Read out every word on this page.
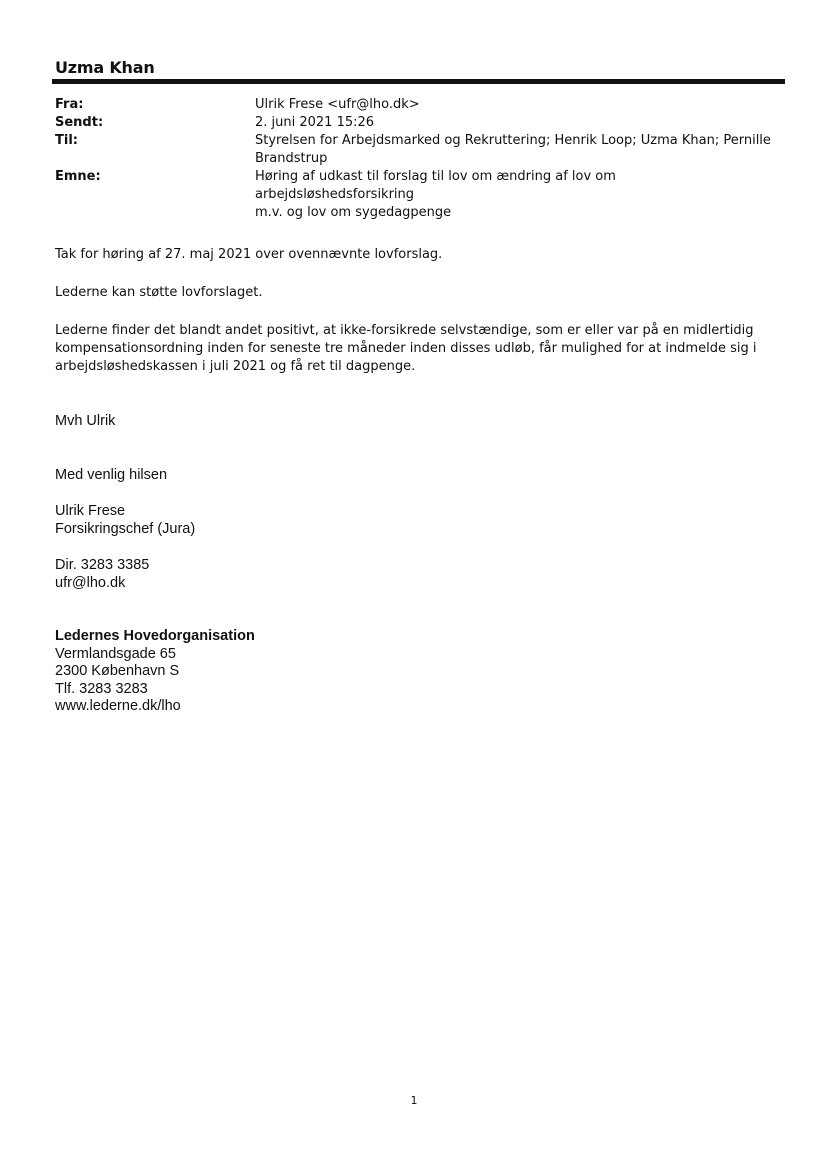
Uzma Khan
Fra:	Ulrik Frese <ufr@lho.dk>
Sendt:	2. juni 2021 15:26
Til:	Styrelsen for Arbejdsmarked og Rekruttering; Henrik Loop; Uzma Khan; Pernille
Brandstrup
Emne:	Høring af udkast til forslag til lov om ændring af lov om arbejdsløshedsforsikring
m.v. og lov om sygedagpenge

Tak for høring af 27. maj 2021 over ovennævnte lovforslag.

Lederne kan støtte lovforslaget.

Lederne finder det blandt andet positivt, at ikke-forsikrede selvstændige, som er eller var på en midlertidig
kompensationsordning inden for seneste tre måneder inden disses udløb, får mulighed for at indmelde sig i
arbejdsløshedskassen i juli 2021 og få ret til dagpenge.

Mvh Ulrik

Med venlig hilsen

Ulrik Frese
Forsikringschef (Jura)
Dir. 3283 3385
ufr@lho.dk
Ledernes Hovedorganisation
Vermlandsgade 65
2300 København S
Tlf. 3283 3283
www.lederne.dk/lho
1
